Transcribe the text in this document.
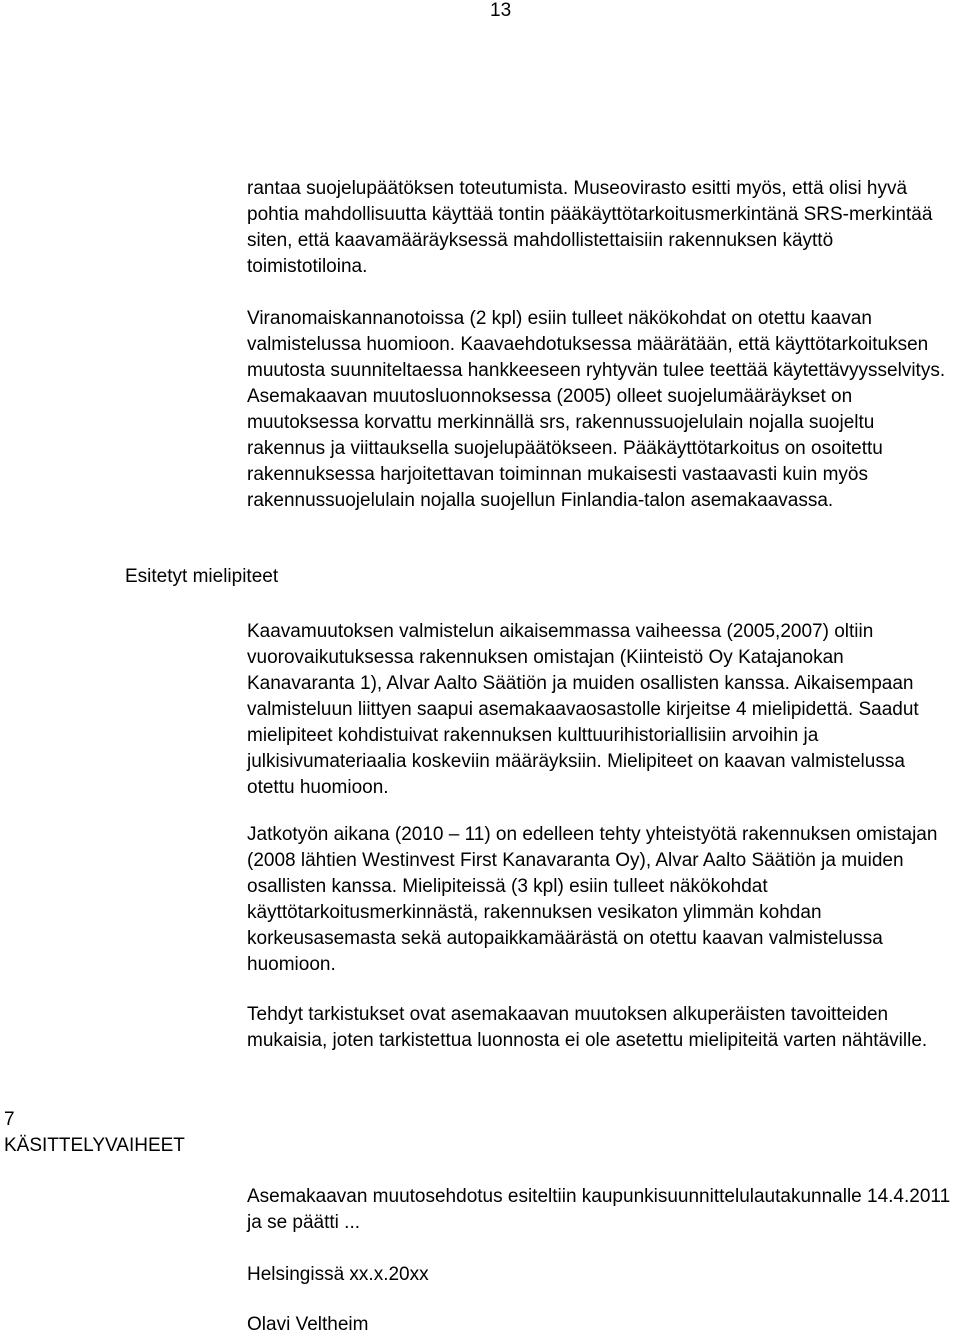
13

rantaa suojelupäätöksen toteutumista. Museovirasto esitti myös, että olisi hyvä pohtia mahdollisuutta käyttää tontin pääkäyttötarkoitusmerkintänä SRS-merkintää siten, että kaavamääräyksessä mahdollistettaisiin rakennuksen käyttö toimistotiloina.

Viranomaiskannanotoissa (2 kpl) esiin tulleet näkökohdat on otettu kaavan valmistelussa huomioon. Kaavaehdotuksessa määrätään, että käyttötarkoituksen muutosta suunniteltaessa hankkeeseen ryhtyvän tulee teettää käytettävyysselvitys. Asemakaavan muutosluonnoksessa (2005) olleet suojelumääräykset on muutoksessa korvattu merkinnällä srs, rakennussuojelulain nojalla suojeltu rakennus ja viittauksella suojelupäätökseen. Pääkäyttötarkoitus on osoitettu rakennuksessa harjoitettavan toiminnan mukaisesti vastaavasti kuin myös rakennussuojelulain nojalla suojellun Finlandia-talon asemakaavassa.

Esitetyt mielipiteet

Kaavamuutoksen valmistelun aikaisemmassa vaiheessa (2005,2007) oltiin vuorovaikutuksessa rakennuksen omistajan (Kiinteistö Oy Katajanokan Kanavaranta 1), Alvar Aalto Säätiön ja muiden osallisten kanssa. Aikaisempaan valmisteluun liittyen saapui asemakaavaosastolle kirjeitse 4 mielipidettä. Saadut mielipiteet kohdistuivat rakennuksen kulttuurihistoriallisiin arvoihin ja julkisivumateriaalia koskeviin määräyksiin. Mielipiteet on kaavan valmistelussa otettu huomioon.

Jatkotyön aikana (2010 – 11) on edelleen tehty yhteistyötä rakennuksen omistajan (2008 lähtien Westinvest First Kanavaranta Oy), Alvar Aalto Säätiön ja muiden osallisten kanssa. Mielipiteissä (3 kpl) esiin tulleet näkökohdat käyttötarkoitusmerkinnästä, rakennuksen vesikaton ylimmän kohdan korkeusasemasta sekä autopaikkamäärästä on otettu kaavan valmistelussa huomioon.

Tehdyt tarkistukset ovat asemakaavan muutoksen alkuperäisten tavoitteiden mukaisia, joten tarkistettua luonnosta ei ole asetettu mielipiteitä varten nähtäville.

7
KÄSITTELYVAIHEET

Asemakaavan muutosehdotus esiteltiin kaupunkisuunnittelulautakunnalle 14.4.2011 ja se päätti ...

Helsingissä xx.x.20xx

Olavi Veltheim
